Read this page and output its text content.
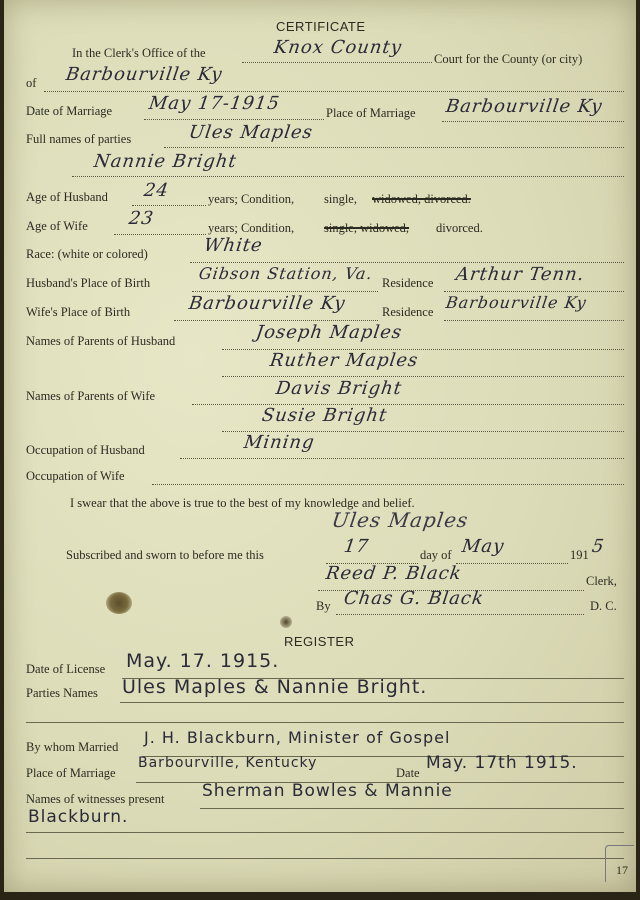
CERTIFICATE
In the Clerk's Office of the	Knox County
Court for the County (or city)
of Barbourville Ky
Date of Marriage May 17-1915	Place of Marriage Barbourville Ky
Full names of parties	Ules Maples
Nannie Bright
Age of Husband 24	years; Condition, single, widowed, divorced.
Age of Wife 23	years; Condition, single, widowed, divorced.
Race: (white or colored)	White
Husband's Place of Birth	Gibson Station, Va. Residence Arthur Tenn.
Wife's Place of Birth	Barbourville Ky	Residence Barbourville Ky
Names of Parents of Husband	Joseph Maples
Ruther Maples
Names of Parents of Wife	Davis Bright
Susie Bright
Occupation of Husband	Mining
Occupation of Wife
I swear that the above is true to the best of my knowledge and belief.
Ules Maples
Subscribed and sworn to before me this	17	day of May	191 5
Reed P. Black	Clerk,
By Chas G. Black	D. C.
REGISTER
Date of License May. 17. 1915.
Parties Names Ules Maples & Nannie Bright.
By whom Married J. H. Blackburn, Minister of Gospel
Place of Marriage
Barbourville, Kentucky
Date May. 17th 1915.
Names of witnesses present Sherman Bowles & Mannie
Blackburn.
17
